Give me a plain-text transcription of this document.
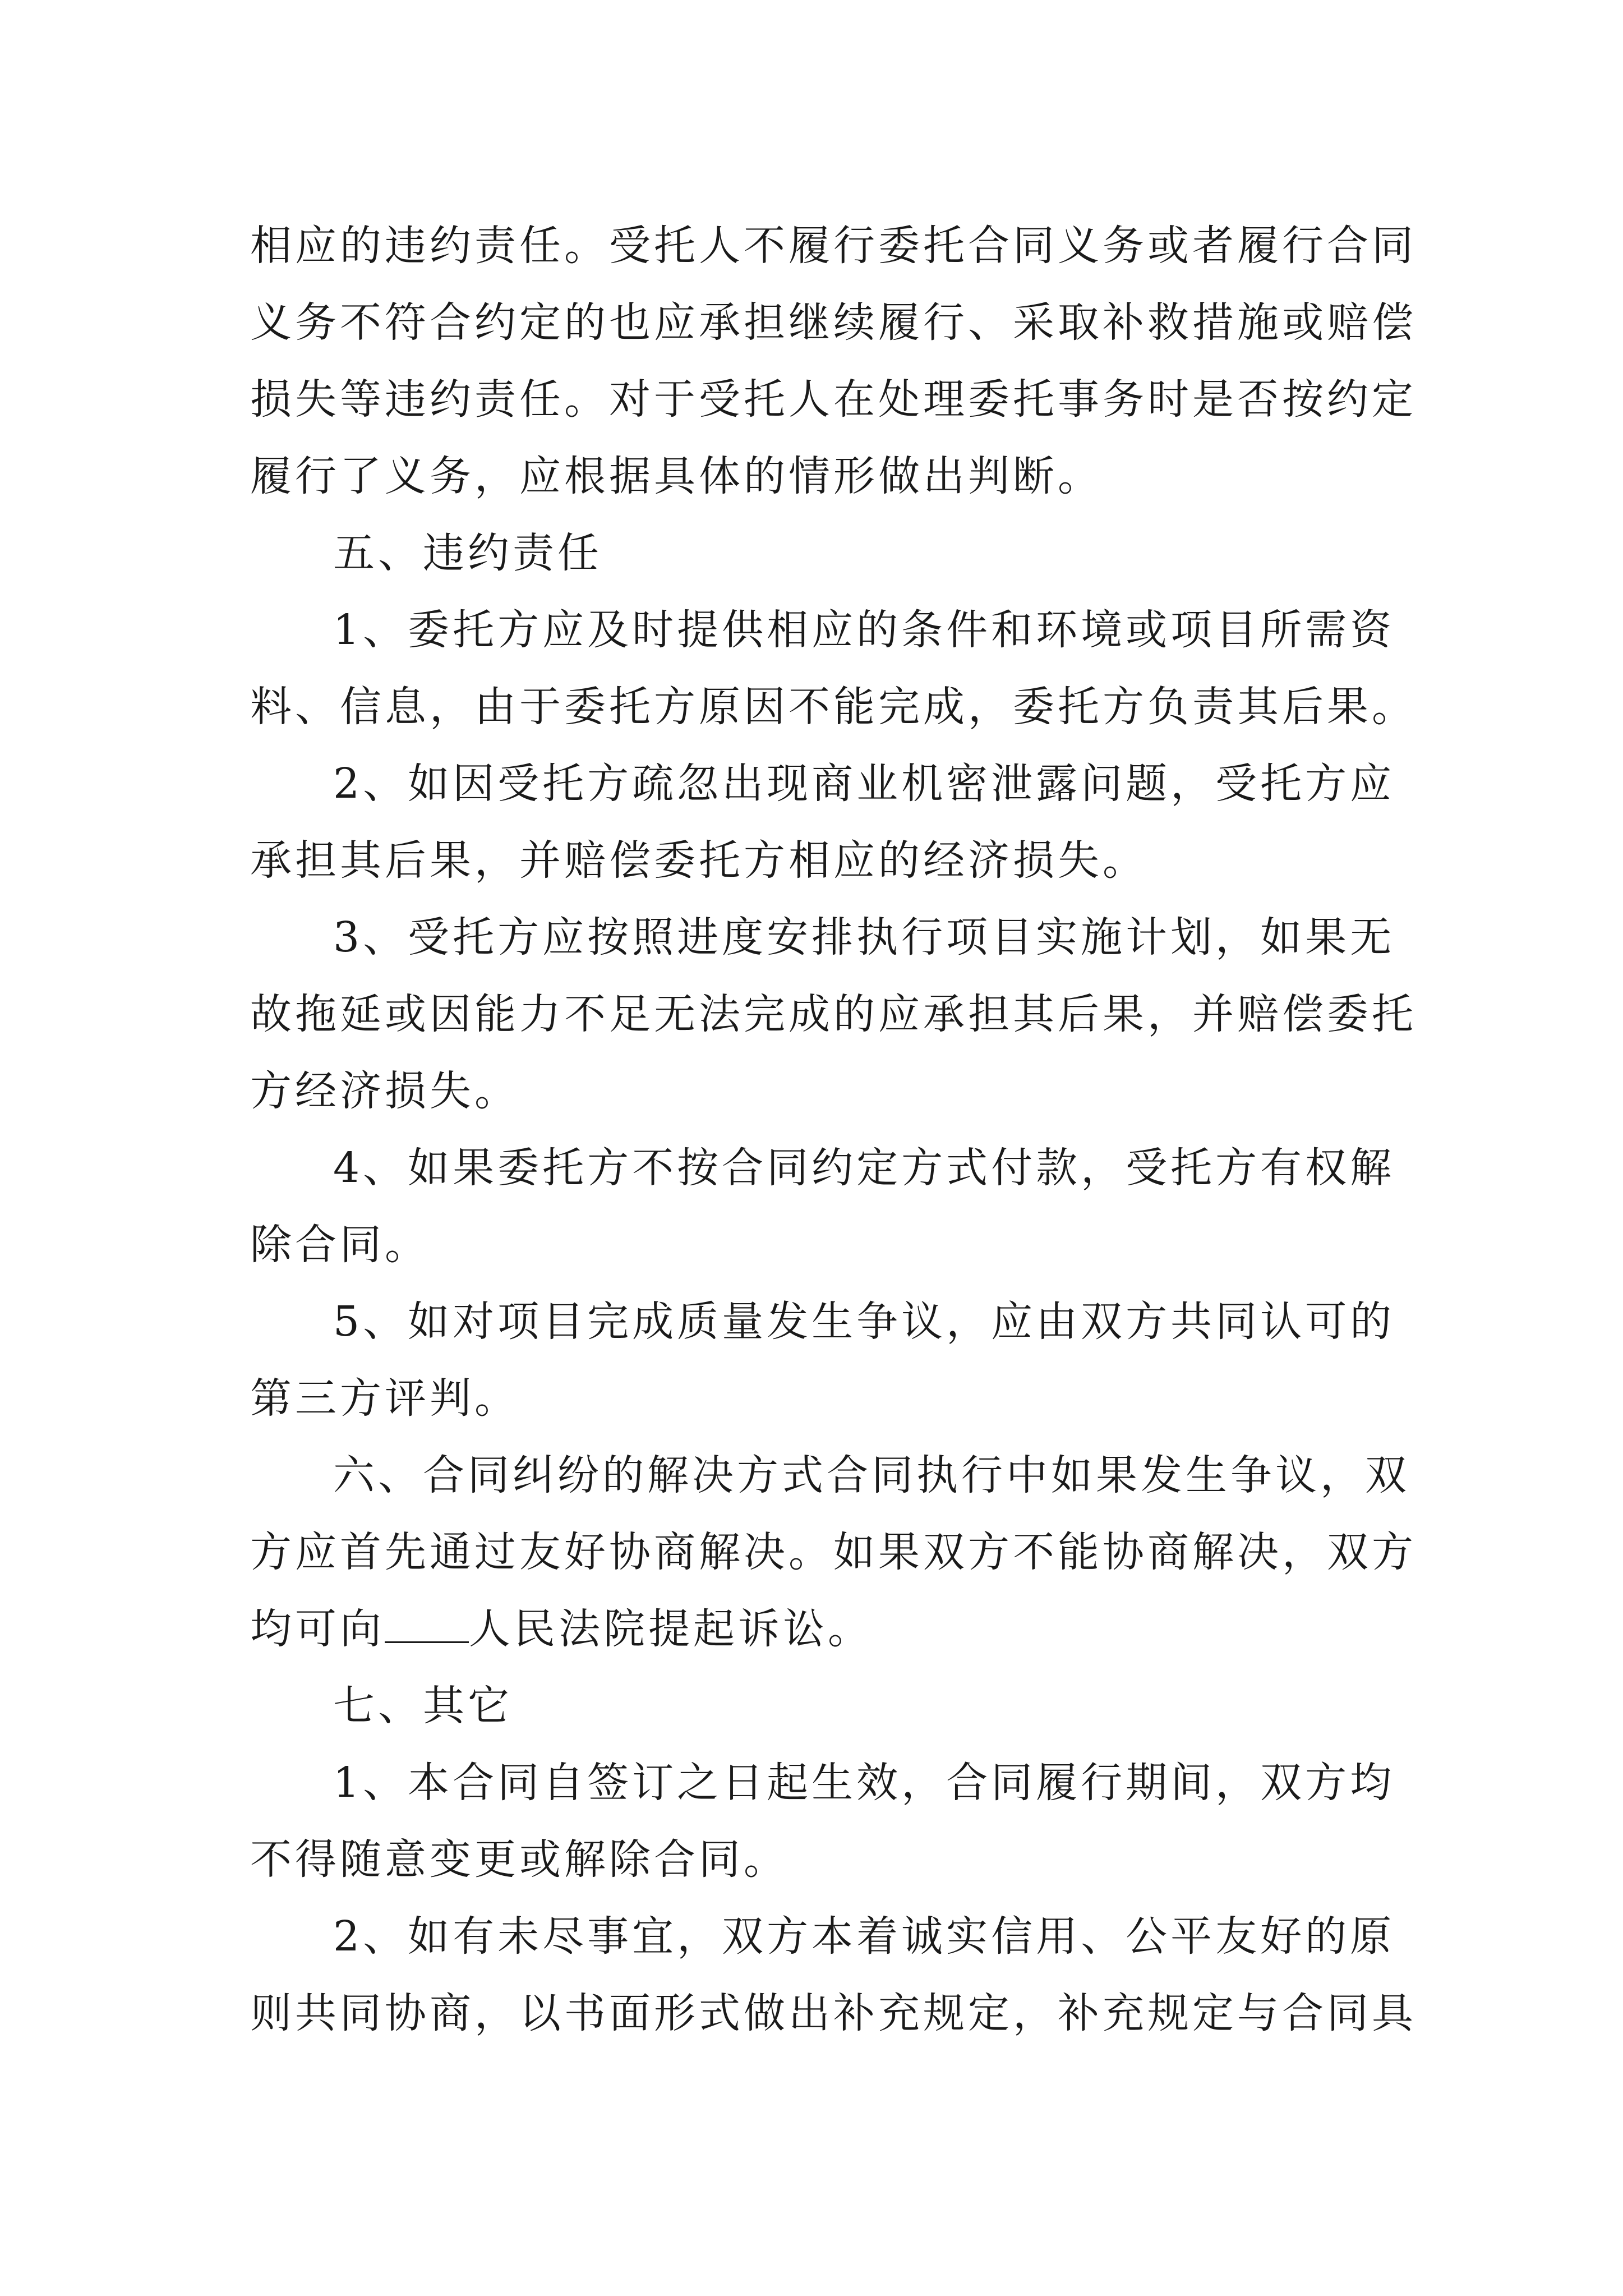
相应的违约责任。受托人不履行委托合同义务或者履行合同
义务不符合约定的也应承担继续履行、采取补救措施或赔偿
损失等违约责任。对于受托人在处理委托事务时是否按约定
履行了义务，应根据具体的情形做出判断。
五、违约责任
1、委托方应及时提供相应的条件和环境或项目所需资
料、信息，由于委托方原因不能完成，委托方负责其后果。
2、如因受托方疏忽出现商业机密泄露问题，受托方应
承担其后果，并赔偿委托方相应的经济损失。
3、受托方应按照进度安排执行项目实施计划，如果无
故拖延或因能力不足无法完成的应承担其后果，并赔偿委托
方经济损失。
4、如果委托方不按合同约定方式付款，受托方有权解
除合同。
5、如对项目完成质量发生争议，应由双方共同认可的
第三方评判。
六、合同纠纷的解决方式合同执行中如果发生争议，双
方应首先通过友好协商解决。如果双方不能协商解决，双方
均可向 人民法院提起诉讼。
七、其它
1、本合同自签订之日起生效，合同履行期间，双方均
不得随意变更或解除合同。
2、如有未尽事宜，双方本着诚实信用、公平友好的原
则共同协商，以书面形式做出补充规定，补充规定与合同具
